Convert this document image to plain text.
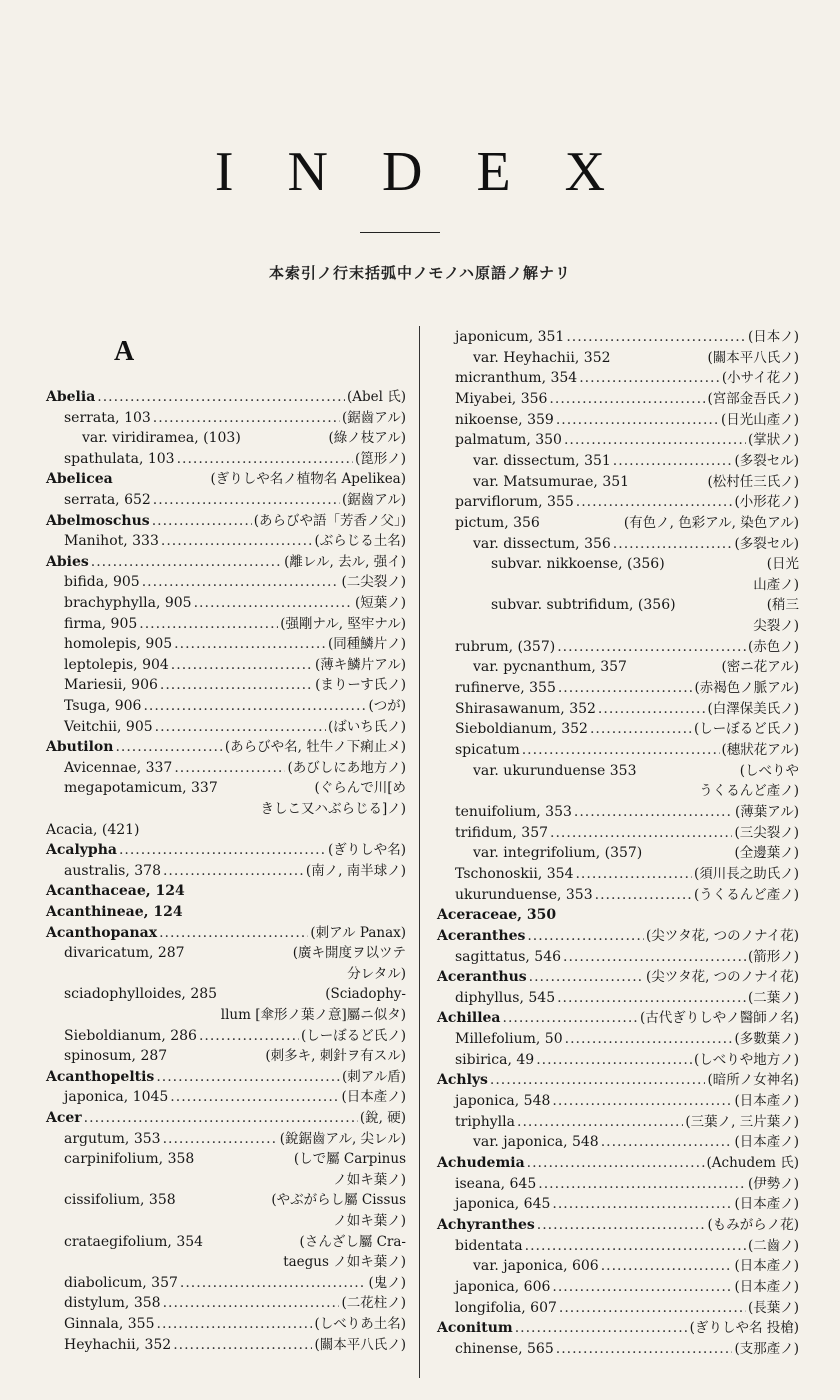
I N D E X
本索引ノ行末括弧中ノモノハ原語ノ解ナリ
A
Abelia .....	(Abel 氏)
serrata, 103 .....	(鋸齒アル)
var. viridiramea, (103)	(綠ノ枝アル)
spathulata, 103 .....	(箆形ノ)
Abelicea	(ぎりしや名ノ植物名 Apelikea)
serrata, 652 .....	(鋸齒アル)
Abelmoschus .....	(あらびや語「芳香ノ父」)
Manihot, 333 .....	(ぶらじる土名)
Abies .....	(離レル, 去ル, 强イ)
bifida, 905 .....	(二尖裂ノ)
brachyphylla, 905 .....	(短葉ノ)
firma, 905 .....	(强剛ナル, 堅牢ナル)
homolepis, 905 .....	(同種鱗片ノ)
leptolepis, 904 .....	(薄キ鱗片アル)
Mariesii, 906 .....	(まりーす氏ノ)
Tsuga, 906 .....	(つが)
Veitchii, 905 .....	(ばいち氏ノ)
Abutilon .....	(あらびや名, 牡牛ノ下痢止メ)
Avicennae, 337 .....	(あびしにあ地方ノ)
megapotamicum, 337	(ぐらんで川[め
きしこ又ハぶらじる]ノ)
Acacia, (421)
Acalypha .....	(ぎりしや名)
australis, 378 .....	(南ノ, 南半球ノ)
Acanthaceae, 124
Acanthineae, 124
Acanthopanax .....	(刺アル Panax)
divaricatum, 287	(廣キ開度ヲ以ツテ
分レタル)
sciadophylloides, 285	(Sciadophy-
llum [傘形ノ葉ノ意]屬ニ似タ)
Sieboldianum, 286 .....	(しーぼるど氏ノ)
spinosum, 287	(刺多キ, 刺針ヲ有スル)
Acanthopeltis .....	(刺アル盾)
japonica, 1045 .....	(日本產ノ)
Acer .....	(銳, 硬)
argutum, 353 .....	(銳鋸齒アル, 尖レル)
carpinifolium, 358	(しで屬 Carpinus
ノ如キ葉ノ)
cissifolium, 358	(やぶがらし屬 Cissus
ノ如キ葉ノ)
crataegifolium, 354	(さんざし屬 Cra-
taegus ノ如キ葉ノ)
diabolicum, 357 .....	(鬼ノ)
distylum, 358 .....	(二花柱ノ)
Ginnala, 355 .....	(しべりあ土名)
Heyhachii, 352 .....	(關本平八氏ノ)
japonicum, 351 .....	(日本ノ)
var. Heyhachii, 352	(關本平八氏ノ)
micranthum, 354 .....	(小サイ花ノ)
Miyabei, 356 .....	(宮部金吾氏ノ)
nikoense, 359 .....	(日光山產ノ)
palmatum, 350 .....	(掌狀ノ)
var. dissectum, 351 .....	(多裂セル)
var. Matsumurae, 351	(松村任三氏ノ)
parviflorum, 355 .....	(小形花ノ)
pictum, 356	(有色ノ, 色彩アル, 染色アル)
var. dissectum, 356 .....	(多裂セル)
subvar. nikkoense, (356)	(日光
山產ノ)
subvar. subtrifidum, (356)	(稍三
尖裂ノ)
rubrum, (357) .....	(赤色ノ)
var. pycnanthum, 357	(密ニ花アル)
rufinerve, 355 .....	(赤褐色ノ脈アル)
Shirasawanum, 352 .....	(白澤保美氏ノ)
Sieboldianum, 352 .....	(しーぼるど氏ノ)
spicatum .....	(穗狀花アル)
var. ukurunduense 353	(しべりや
うくるんど產ノ)
tenuifolium, 353 .....	(薄葉アル)
trifidum, 357 .....	(三尖裂ノ)
var. integrifolium, (357)	(全邊葉ノ)
Tschonoskii, 354 .....	(須川長之助氏ノ)
ukurunduense, 353 .....	(うくるんど產ノ)
Aceraceae, 350
Aceranthes .....	(尖ツタ花, つのノナイ花)
sagittatus, 546 .....	(箭形ノ)
Aceranthus .....	(尖ツタ花, つのノナイ花)
diphyllus, 545 .....	(二葉ノ)
Achillea .....	(古代ぎりしやノ醫師ノ名)
Millefolium, 50 .....	(多數葉ノ)
sibirica, 49 .....	(しべりや地方ノ)
Achlys .....	(暗所ノ女神名)
japonica, 548 .....	(日本產ノ)
triphylla .....	(三葉ノ, 三片葉ノ)
var. japonica, 548 .....	(日本產ノ)
Achudemia .....	(Achudem 氏)
iseana, 645 .....	(伊勢ノ)
japonica, 645 .....	(日本產ノ)
Achyranthes .....	(もみがらノ花)
bidentata .....	(二齒ノ)
var. japonica, 606 .....	(日本產ノ)
japonica, 606 .....	(日本產ノ)
longifolia, 607 .....	(長葉ノ)
Aconitum .....	(ぎりしや名 投槍)
chinense, 565 .....	(支那產ノ)
